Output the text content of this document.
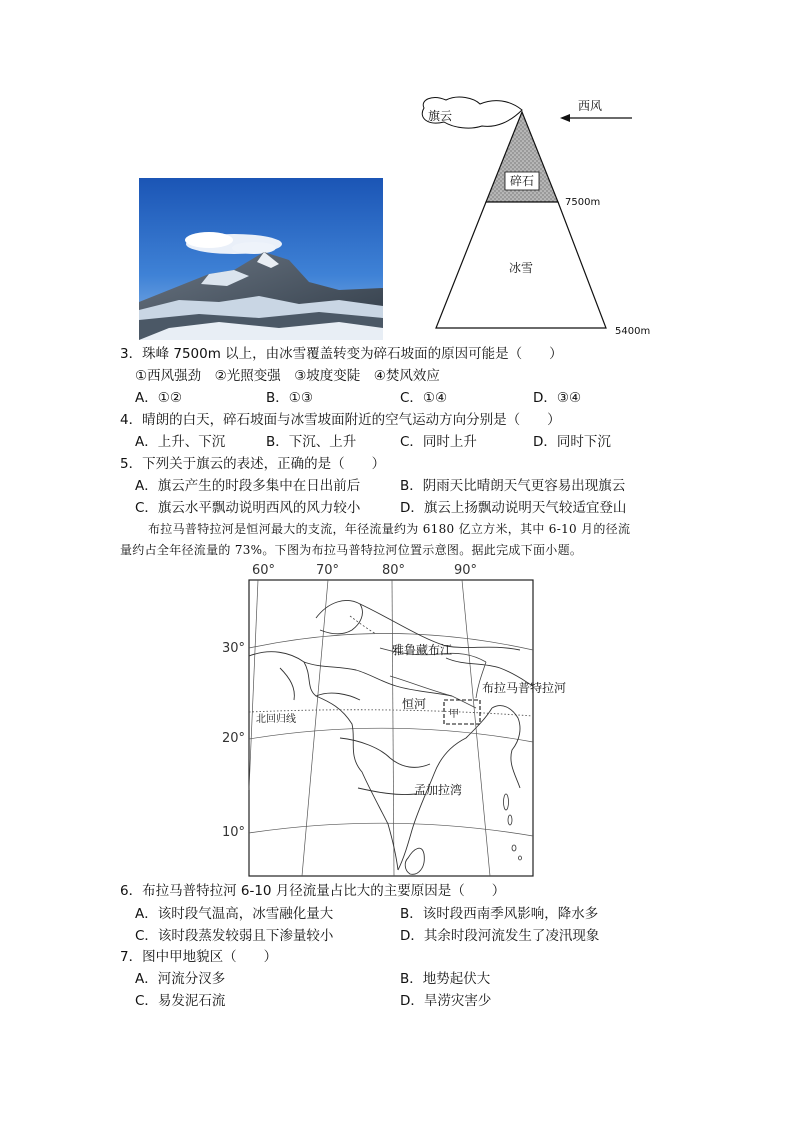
碎石
旗云
西风
冰雪
7500m
5400m
3．珠峰 7500m 以上，由冰雪覆盖转变为碎石坡面的原因可能是（　　）
①西风强劲　②光照变强　③坡度变陡　④焚风效应
A．①②	B．①③	C．①④	D．③④
4．晴朗的白天，碎石坡面与冰雪坡面附近的空气运动方向分别是（　　）
A．上升、下沉	B．下沉、上升	C．同时上升	D．同时下沉
5．下列关于旗云的表述，正确的是（　　）
A．旗云产生的时段多集中在日出前后	B．阴雨天比晴朗天气更容易出现旗云
C．旗云水平飘动说明西风的风力较小	D．旗云上扬飘动说明天气较适宜登山
布拉马普特拉河是恒河最大的支流，年径流量约为 6180 亿立方米，其中 6-10 月的径流
量约占全年径流量的 73%。下图为布拉马普特拉河位置示意图。据此完成下面小题。
60°	70°	80°	90°
30°
20°
10°
雅鲁藏布江
布拉马普特拉河
恒河
北回归线	甲
孟加拉湾
6．布拉马普特拉河 6-10 月径流量占比大的主要原因是（　　）
A．该时段气温高，冰雪融化量大	B．该时段西南季风影响，降水多
C．该时段蒸发较弱且下渗量较小	D．其余时段河流发生了凌汛现象
7．图中甲地貌区（　　）
A．河流分汊多	B．地势起伏大
C．易发泥石流	D．旱涝灾害少
